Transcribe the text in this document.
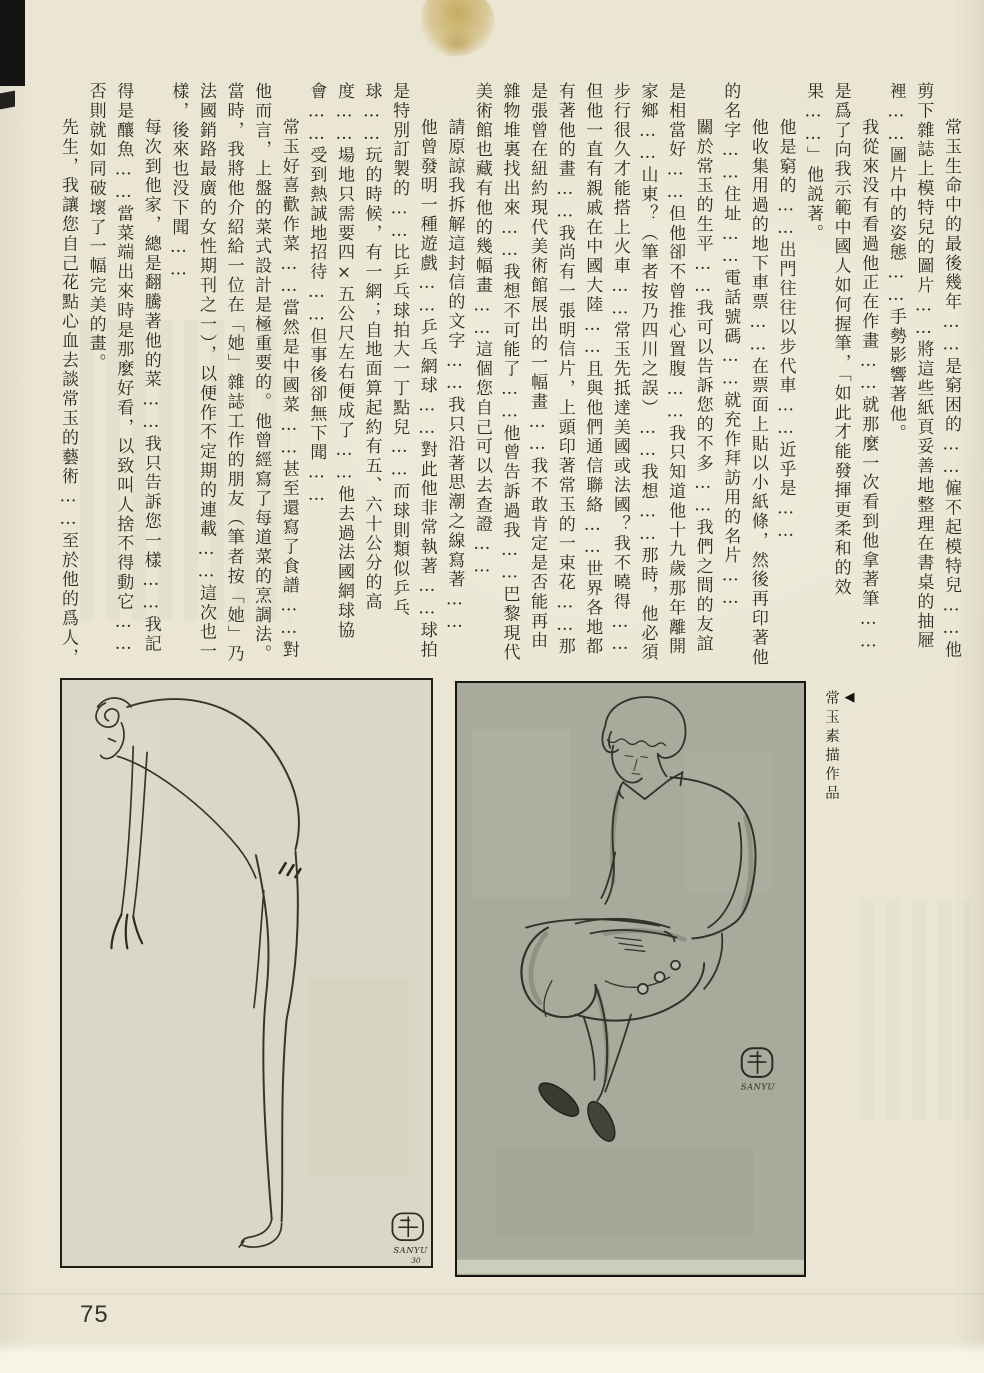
常玉生命中的最後幾年……是窮困的……僱不起模特兒……他剪下雜誌上模特兒的圖片……將這些紙頁妥善地整理在書桌的抽屜裡……圖片中的姿態……手勢影響著他。

我從來没有看過他正在作畫……就那麼一次看到他拿著筆……是爲了向我示範中國人如何握筆，「如此才能發揮更柔和的效果……」他説著。

他是窮的……出門往往以步代車……近乎是……

他收集用過的地下車票……在票面上貼以小紙條，然後再印著他的名字……住址……電話號碼……就充作拜訪用的名片……

關於常玉的生平……我可以告訴您的不多……我們之間的友誼是相當好……但他卻不曾推心置腹……我只知道他十九歲那年離開家鄉……山東？（筆者按乃四川之誤）……我想……那時，他必須步行很久才能搭上火車……常玉先抵達美國或法國？我不曉得……但他一直有親戚在中國大陸……且與他們通信聯絡……世界各地都有著他的畫……我尚有一張明信片，上頭印著常玉的一束花……那是張曾在紐約現代美術館展出的一幅畫……我不敢肯定是否能再由雜物堆裏找出來……我想不可能了……他曾告訴過我……巴黎現代美術館也藏有他的幾幅畫……這個您自己可以去查證……

請原諒我拆解這封信的文字……我只沿著思潮之線寫著……

他曾發明一種遊戲……乒乓網球……對此他非常執著……球拍是特別訂製的……比乒乓球拍大一丁點兒……而球則類似乒乓球……玩的時候，有一網；自地面算起約有五、六十公分的高度……場地只需要四×五公尺左右便成了……他去過法國網球協會……受到熱誠地招待……但事後卻無下聞……

常玉好喜歡作菜……當然是中國菜……甚至還寫了食譜……對他而言，上盤的菜式設計是極重要的。他曾經寫了每道菜的烹調法。當時，我將他介紹給一位在「她」雜誌工作的朋友（筆者按「她」乃法國銷路最廣的女性期刊之一），以便作不定期的連載……這次也一樣，後來也没下聞……

每次到他家，總是翻騰著他的菜……我只告訴您一樣……我記得是釀魚……當菜端出來時是那麼好看，以致叫人捨不得動它……否則就如同破壞了一幅完美的畫。

先生，我讓您自己花點心血去談常玉的藝術……至於他的爲人，

◀
常玉素描作品
SANYU
30
SANYU
75
